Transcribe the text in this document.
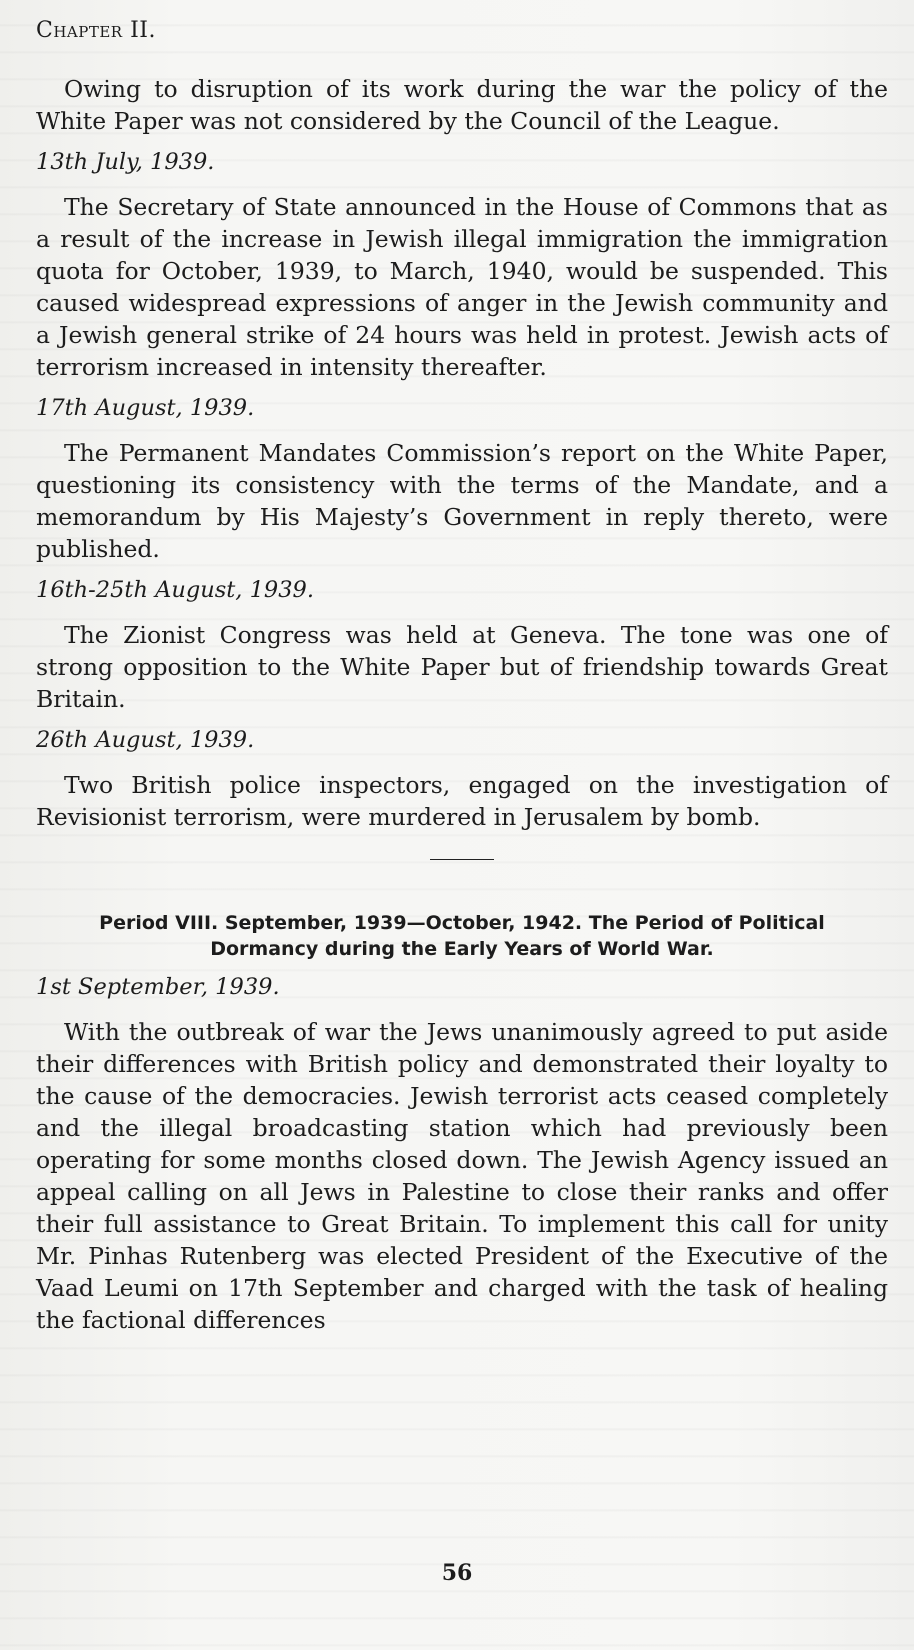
Chapter II.

Owing to disruption of its work during the war the policy of the White Paper was not considered by the Council of the League.

13th July, 1939.

The Secretary of State announced in the House of Commons that as a result of the increase in Jewish illegal immigration the immigration quota for October, 1939, to March, 1940, would be suspended. This caused widespread expressions of anger in the Jewish community and a Jewish general strike of 24 hours was held in protest. Jewish acts of terrorism increased in intensity thereafter.

17th August, 1939.

The Permanent Mandates Commission’s report on the White Paper, questioning its consistency with the terms of the Mandate, and a memorandum by His Majesty’s Government in reply thereto, were published.

16th-25th August, 1939.

The Zionist Congress was held at Geneva. The tone was one of strong opposition to the White Paper but of friendship towards Great Britain.

26th August, 1939.

Two British police inspectors, engaged on the investigation of Revisionist terrorism, were murdered in Jerusalem by bomb.

Period VIII. September, 1939—October, 1942. The Period of Political
Dormancy during the Early Years of World War.
1st September, 1939.

With the outbreak of war the Jews unanimously agreed to put aside their differences with British policy and demonstrated their loyalty to the cause of the democracies. Jewish terrorist acts ceased completely and the illegal broadcasting station which had previously been operating for some months closed down. The Jewish Agency issued an appeal calling on all Jews in Palestine to close their ranks and offer their full assistance to Great Britain. To implement this call for unity Mr. Pinhas Rutenberg was elected President of the Executive of the Vaad Leumi on 17th September and charged with the task of healing the factional differences

56
